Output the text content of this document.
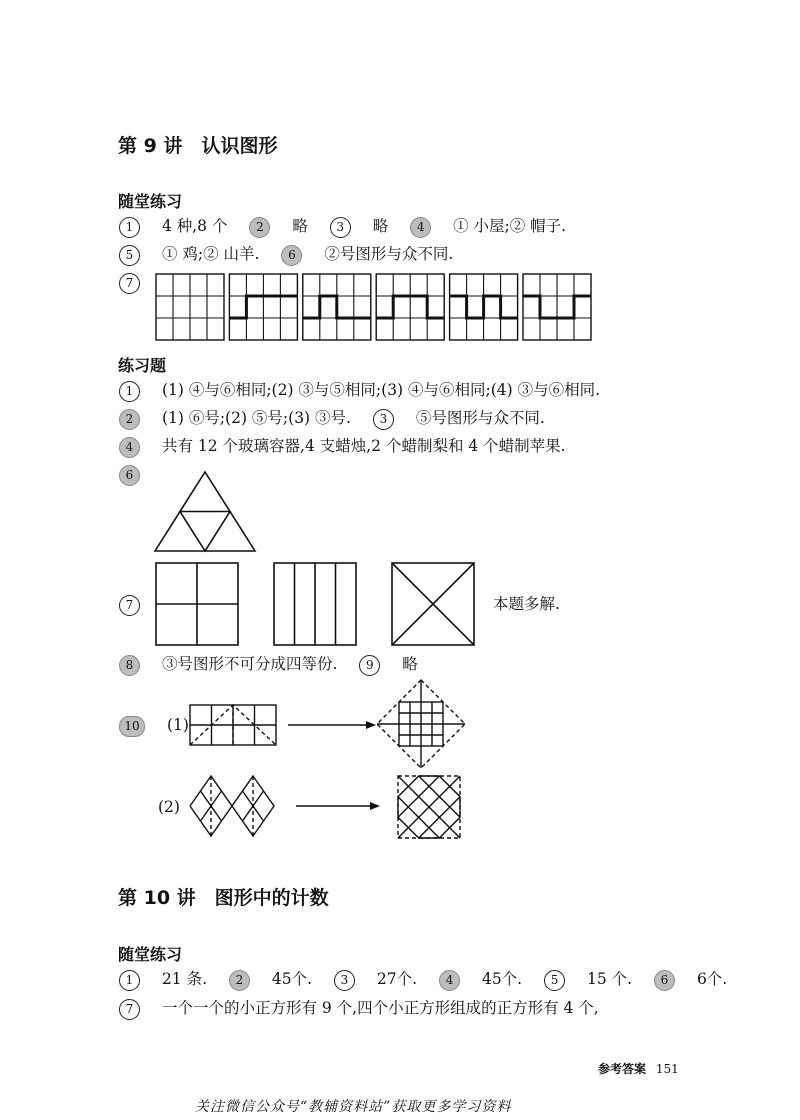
第 9 讲　认识图形
随堂练习
1 4 种,8 个 2 略 3 略 4 ① 小屋;② 帽子.
5 ① 鸡;② 山羊. 6 ②号图形与众不同.
7
练习题
1 (1) ④与⑥相同;(2) ③与⑤相同;(3) ④与⑥相同;(4) ③与⑥相同.
2 (1) ⑥号;(2) ⑤号;(3) ③号. 3 ⑤号图形与众不同.
4 共有 12 个玻璃容器,4 支蜡烛,2 个蜡制梨和 4 个蜡制苹果.
6
7	本题多解.
8 ③号图形不可分成四等份. 9 略
10 (1)
(2)
第 10 讲　图形中的计数
随堂练习
1 21 条. 2 45个. 3 27个. 4 45个. 5 15 个. 6 6个.
7 一个一个的小正方形有 9 个,四个小正方形组成的正方形有 4 个,
参考答案 151
关注微信公众号“教辅资料站”获取更多学习资料
